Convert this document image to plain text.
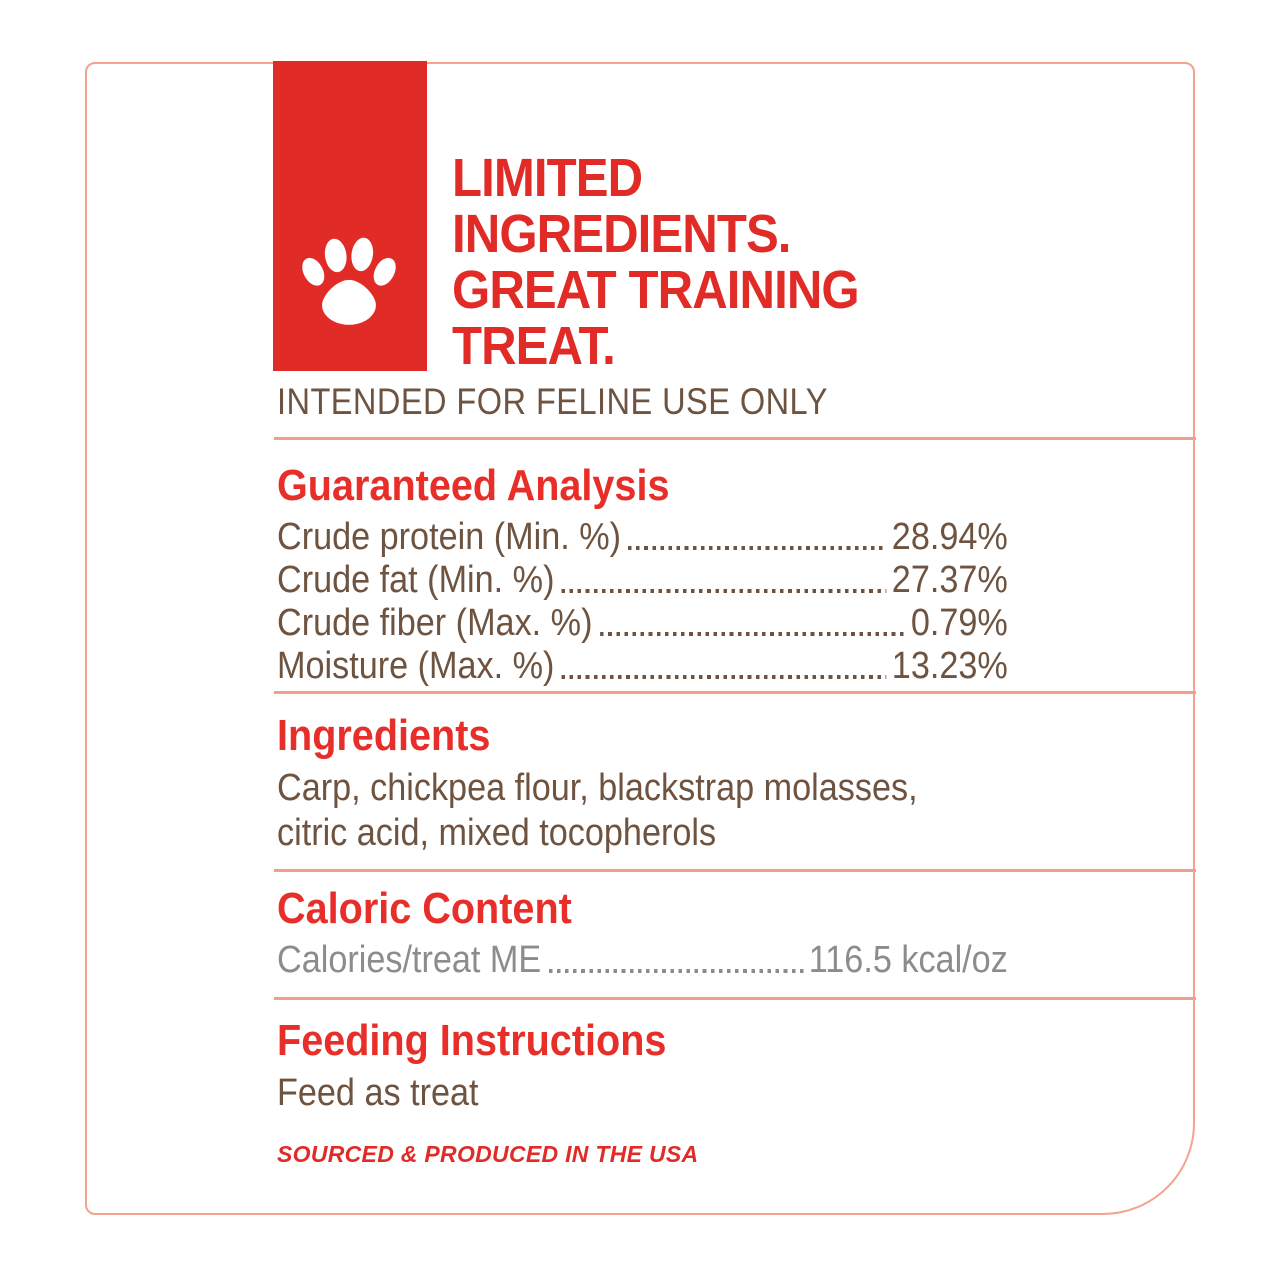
LIMITED
INGREDIENTS.
GREAT TRAINING
TREAT.
INTENDED FOR FELINE USE ONLY
Guaranteed Analysis
Crude protein (Min. %)	28.94%
Crude fat (Min. %)	27.37%
Crude fiber (Max. %)	0.79%
Moisture (Max. %)	13.23%
Ingredients
Carp, chickpea flour, blackstrap molasses,
citric acid, mixed tocopherols
Caloric Content
Calories/treat ME	116.5 kcal/oz
Feeding Instructions
Feed as treat
SOURCED & PRODUCED IN THE USA
